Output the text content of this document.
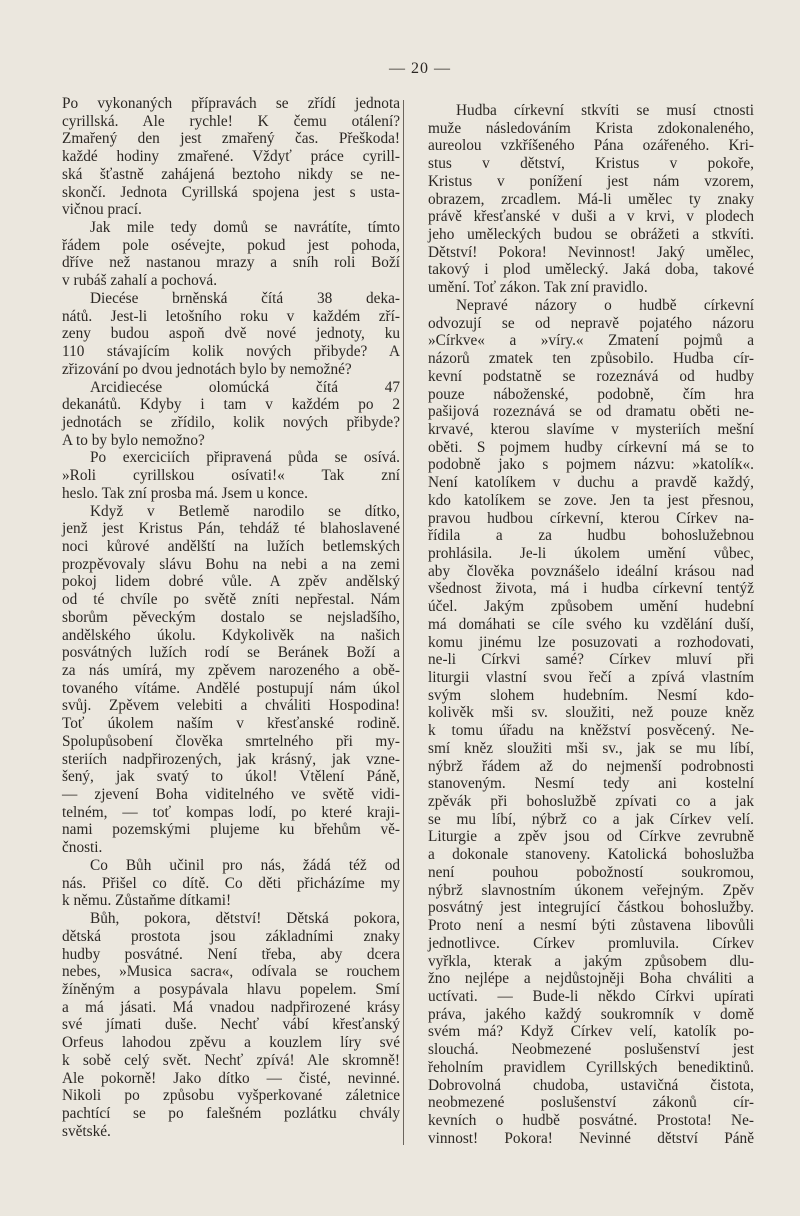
— 20 —
Po vykonaných přípravách se zřídí jednota
cyrillská. Ale rychle! K čemu otálení?
Zmařený den jest zmařený čas. Přeškoda!
každé hodiny zmařené. Vždyť práce cyrill-
ská šťastně zahájená beztoho nikdy se ne-
skončí. Jednota Cyrillská spojena jest s usta-
vičnou prací.
Jak mile tedy domů se navrátíte, tímto
řádem pole osévejte, pokud jest pohoda,
dříve než nastanou mrazy a sníh roli Boží
v rubáš zahalí a pochová.
Diecése brněnská čítá 38 deka-
nátů. Jest-li letošního roku v každém zří-
zeny budou aspoň dvě nové jednoty, ku
110 stávajícím kolik nových přibyde? A
zřizování po dvou jednotách bylo by nemožné?
Arcidiecése olomúcká čítá 47
dekanátů. Kdyby i tam v každém po 2
jednotách se zřídilo, kolik nových přibyde?
A to by bylo nemožno?
Po exerciciích připravená půda se osívá.
»Roli cyrillskou osívati!« Tak zní
heslo. Tak zní prosba má. Jsem u konce.
Když v Betlemě narodilo se dítko,
jenž jest Kristus Pán, tehdáž té blahoslavené
noci kůrové andělští na lužích betlemských
prozpěvovaly slávu Bohu na nebi a na zemi
pokoj lidem dobré vůle. A zpěv andělský
od té chvíle po světě zníti nepřestal. Nám
sborům pěveckým dostalo se nejsladšího,
andělského úkolu. Kdykolivěk na našich
posvátných lužích rodí se Beránek Boží a
za nás umírá, my zpěvem narozeného a obě-
tovaného vítáme. Andělé postupují nám úkol
svůj. Zpěvem velebiti a chváliti Hospodina!
Toť úkolem naším v křesťanské rodině.
Spolupůsobení člověka smrtelného při my-
steriích nadpřirozených, jak krásný, jak vzne-
šený, jak svatý to úkol! Vtělení Páně,
— zjevení Boha viditelného ve světě vidi-
telném, — toť kompas lodí, po které kraji-
nami pozemskými plujeme ku břehům vě-
čnosti.
Co Bůh učinil pro nás, žádá též od
nás. Přišel co dítě. Co děti přicházíme my
k němu. Zůstaňme dítkami!
Bůh, pokora, dětství! Dětská pokora,
dětská prostota jsou základními znaky
hudby posvátné. Není třeba, aby dcera
nebes, »Musica sacra«, odívala se rouchem
žíněným a posypávala hlavu popelem. Smí
a má jásati. Má vnadou nadpřirozené krásy
své jímati duše. Nechť vábí křesťanský
Orfeus lahodou zpěvu a kouzlem líry své
k sobě celý svět. Nechť zpívá! Ale skromně!
Ale pokorně! Jako dítko — čisté, nevinné.
Nikoli po způsobu vyšperkované záletnice
pachtící se po falešném pozlátku chvály
světské.
Hudba církevní stkvíti se musí ctnosti
muže následováním Krista zdokonaleného,
aureolou vzkříšeného Pána ozářeného. Kri-
stus v dětství, Kristus v pokoře,
Kristus v ponížení jest nám vzorem,
obrazem, zrcadlem. Má-li umělec ty znaky
právě křesťanské v duši a v krvi, v plodech
jeho uměleckých budou se obrážeti a stkvíti.
Dětství! Pokora! Nevinnost! Jaký umělec,
takový i plod umělecký. Jaká doba, takové
umění. Toť zákon. Tak zní pravidlo.
Nepravé názory o hudbě církevní
odvozují se od nepravě pojatého názoru
»Církve« a »víry.« Zmatení pojmů a
názorů zmatek ten způsobilo. Hudba cír-
kevní podstatně se rozeznává od hudby
pouze náboženské, podobně, čím hra
pašijová rozeznává se od dramatu oběti ne-
krvavé, kterou slavíme v mysteriích mešní
oběti. S pojmem hudby církevní má se to
podobně jako s pojmem názvu: »katolík«.
Není katolíkem v duchu a pravdě každý,
kdo katolíkem se zove. Jen ta jest přesnou,
pravou hudbou církevní, kterou Církev na-
řídila a za hudbu bohoslužebnou
prohlásila. Je-li úkolem umění vůbec,
aby člověka povznášelo ideální krásou nad
všednost života, má i hudba církevní tentýž
účel. Jakým způsobem umění hudební
má domáhati se cíle svého ku vzdělání duší,
komu jinému lze posuzovati a rozhodovati,
ne-li Církvi samé? Církev mluví při
liturgii vlastní svou řečí a zpívá vlastním
svým slohem hudebním. Nesmí kdo-
kolivěk mši sv. sloužiti, než pouze kněz
k tomu úřadu na kněžství posvěcený. Ne-
smí kněz sloužiti mši sv., jak se mu líbí,
nýbrž řádem až do nejmenší podrobnosti
stanoveným. Nesmí tedy ani kostelní
zpěvák při bohoslužbě zpívati co a jak
se mu líbí, nýbrž co a jak Církev velí.
Liturgie a zpěv jsou od Církve zevrubně
a dokonale stanoveny. Katolická bohoslužba
není pouhou pobožností soukromou,
nýbrž slavnostním úkonem veřejným. Zpěv
posvátný jest integrující částkou bohoslužby.
Proto není a nesmí býti zůstavena libovůli
jednotlivce. Církev promluvila. Církev
vyřkla, kterak a jakým způsobem dlu-
žno nejlépe a nejdůstojněji Boha chváliti a
uctívati. — Bude-li někdo Církvi upírati
práva, jakého každý soukromník v domě
svém má? Když Církev velí, katolík po-
slouchá. Neobmezené poslušenství jest
řeholním pravidlem Cyrillských benediktinů.
Dobrovolná chudoba, ustavičná čistota,
neobmezené poslušenství zákonů cír-
kevních o hudbě posvátné. Prostota! Ne-
vinnost! Pokora! Nevinné dětství Páně
